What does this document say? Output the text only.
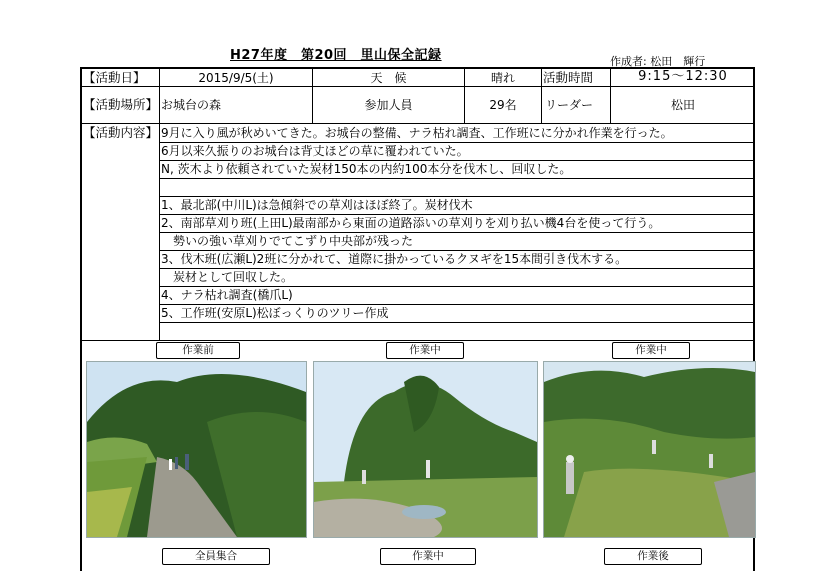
H27年度　第20回　里山保全記録	作成者: 松田　輝行
【活動日】	2015/9/5(土)	天　候	晴れ	活動時間	9:15～12:30
【活動場所】 お城台の森	参加人員	29名	リーダー	松田
【活動内容】 9月に入り風が秋めいてきた。お城台の整備、ナラ枯れ調査、工作班にに分かれ作業を行った。
6月以来久振りのお城台は背丈ほどの草に覆われていた。
N, 茨木より依頼されていた炭材150本の内約100本分を伐木し、回収した。
1、最北部(中川L)は急傾斜での草刈はほぼ終了。炭材伐木
2、南部草刈り班(上田L)最南部から東面の道路添いの草刈りを刈り払い機4台を使って行う。
　勢いの強い草刈りでてこずり中央部が残った
3、伐木班(広瀬L)2班に分かれて、道際に掛かっているクヌギを15本間引き伐木する。
　炭材として回収した。
4、ナラ枯れ調査(橋爪L)
5、工作班(安原L)松ぼっくりのツリー作成
作業前	作業中	作業中
全員集合	作業中	作業後
